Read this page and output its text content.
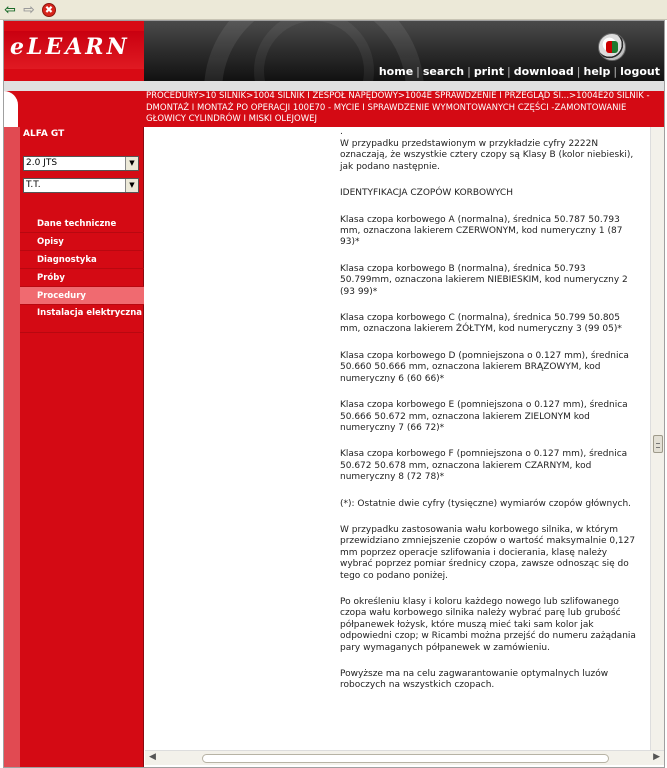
⇦ ⇨ ✖
eLEARN
home | search | print | download | help | logout
PROCEDURY>10 SILNIK>1004 SILNIK I ZESPÓŁ NAPĘDOWY>1004E SPRAWDZENIE I PRZEGLĄD SI...>1004E20 SILNIK - DMONTAŻ I MONTAŻ PO OPERACJI 100E70 - MYCIE I SPRAWDZENIE WYMONTOWANYCH CZĘŚCI -ZAMONTOWANIE GŁOWICY CYLINDRÓW I MISKI OLEJOWEJ
ALFA GT
2.0 JTS	▼
T.T.	▼
Dane techniczne
Opisy
Diagnostyka
Próby
Procedury
Instalacja elektryczna
.

W przypadku przedstawionym w przykładzie cyfry 2222N oznaczają, że wszystkie cztery czopy są Klasy B (kolor niebieski), jak podano następnie.

IDENTYFIKACJA CZOPÓW KORBOWYCH

Klasa czopa korbowego A (normalna), średnica 50.787 50.793 mm, oznaczona lakierem CZERWONYM, kod numeryczny 1 (87 93)*

Klasa czopa korbowego B (normalna), średnica 50.793 50.799mm, oznaczona lakierem NIEBIESKIM, kod numeryczny 2 (93 99)*

Klasa czopa korbowego C (normalna), średnica 50.799 50.805 mm, oznaczona lakierem ŻÓŁTYM, kod numeryczny 3 (99 05)*

Klasa czopa korbowego D (pomniejszona o 0.127 mm), średnica 50.660 50.666 mm, oznaczona lakierem BRĄZOWYM, kod numeryczny 6 (60 66)*

Klasa czopa korbowego E (pomniejszona o 0.127 mm), średnica 50.666 50.672 mm, oznaczona lakierem ZIELONYM kod numeryczny 7 (66 72)*

Klasa czopa korbowego F (pomniejszona o 0.127 mm), średnica 50.672 50.678 mm, oznaczona lakierem CZARNYM, kod numeryczny 8 (72 78)*

(*): Ostatnie dwie cyfry (tysięczne) wymiarów czopów głównych.

W przypadku zastosowania wału korbowego silnika, w którym przewidziano zmniejszenie czopów o wartość maksymalnie 0,127 mm poprzez operacje szlifowania i docierania, klasę należy wybrać poprzez pomiar średnicy czopa, zawsze odnosząc się do tego co podano poniżej.

Po określeniu klasy i koloru każdego nowego lub szlifowanego czopa wału korbowego silnika należy wybrać parę lub grubość półpanewek łożysk, które muszą mieć taki sam kolor jak odpowiedni czop; w Ricambi można przejść do numeru zażądania pary wymaganych półpanewek w zamówieniu.

Powyższe ma na celu zagwarantowanie optymalnych luzów roboczych na wszystkich czopach.

◀	▶
